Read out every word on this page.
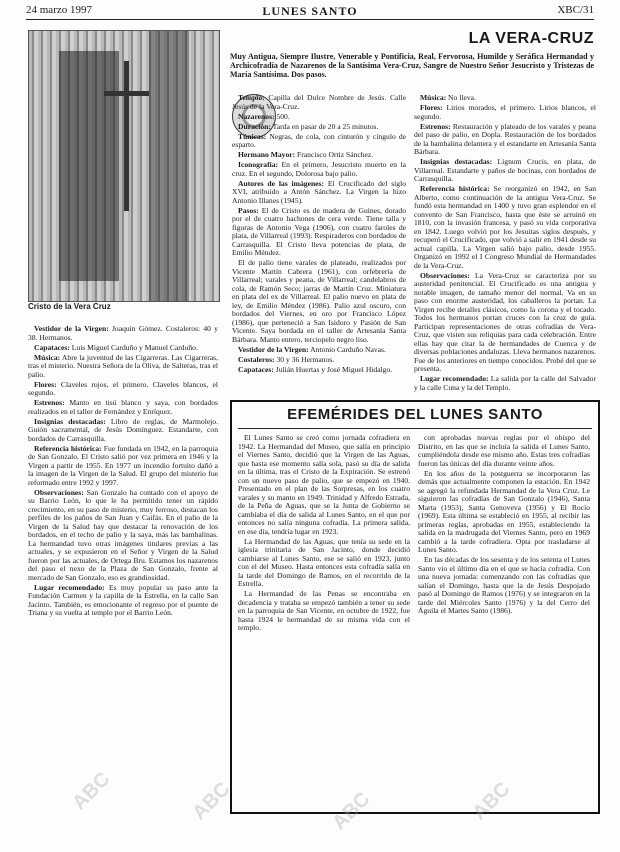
24 marzo 1997	LUNES SANTO	XBC/31
Cristo de la Vera Cruz
LA VERA-CRUZ
Muy Antigua, Siempre Ilustre, Venerable y Pontificia, Real, Fervorosa, Humilde y Seráfica Hermandad y Archicofradía de Nazarenos de la Santísima Vera-Cruz, Sangre de Nuestro Señor Jesucristo y Tristezas de María Santísima. Dos pasos.

Vestidor de la Virgen: Joaquín Gómez. Costaleros: 40 y 38. Hermanos.

Capataces: Luis Miguel Carduño y Manuel Carduño.

Música: Abre la juventud de las Cigarreras. Las Cigarreras, tras el misterio. Nuestra Señora de la Oliva, de Salteras, tras el palio.

Flores: Claveles rojos, el primero. Claveles blancos, el segundo.

Estrenos: Manto en tisú blanco y saya, con bordados realizados en el taller de Fernández y Enríquez.

Insignias destacadas: Libro de reglas, de Marmolejo. Guión sacramental, de Jesús Domínguez. Estandarte, con bordados de Carrasquilla.

Referencia histórica: Fue fundada en 1942, en la parroquia de San Gonzalo. El Cristo salió por vez primera en 1946 y la Virgen a partir de 1955. En 1977 un incendio fortuito dañó a la imagen de la Virgen de la Salud. El grupo del misterio fue reformado entre 1992 y 1997.

Observaciones: San Gonzalo ha contado con el apoyo de su Barrio León, lo que le ha permitido tener un rápido crecimiento, en su paso de misterio, muy ferroso, destacan los perfiles de los paños de San Juan y Caifás. En el palio de la Virgen de la Salud hay que destacar la renovación de los bordados, en el techo de palio y la saya, más las bambalinas. La hermandad tuvo otras imágenes titulares previas a las actuales, y se expusieron en el Señor y Virgen de la Salud fueron por las actuales, de Ortega Bru. Estamos los nazarenos del paso el nexo de la Plaza de San Gonzalo, frente al mercado de San Gonzalo, eso es grandiosidad.

Lugar recomendado: Es muy popular su paso ante la Fundación Carmen y la capilla de la Estrella, en la calle San Jacinto. También, es emocionante el regreso por el puente de Triana y su vuelta al templo por el Barrio León.

Templo: Capilla del Dulce Nombre de Jesús. Calle Jesús de la Vera-Cruz.

Nazarenos: 500.

Duración: Tarda en pasar de 20 a 25 minutos.

Túnicas: Negras, de cola, con cinturón y cíngulo de esparto.

Hermano Mayor: Francisco Ortiz Sánchez.

Iconografía: En el primero, Jesucristo muerto en la cruz. En el segundo, Dolorosa bajo palio.

Autores de las imágenes: El Crucificado del siglo XVI, atribuido a Antón Sánchez. La Virgen la hizo Antonio Illanes (1945).

Pasos: El de Cristo es de madera de Guines, dorado por el de cuatro hachones de cera verde. Tiene talla y figuras de Antonio Vega (1906), con cuatro faroles de plata, de Villarreal (1993). Respiraderos con bordados de Carrasquilla. El Cristo lleva potencias de plata, de Emilio Méndez.

El de palio tiene varales de plateado, realizados por Vicente Martín Cabrera (1961), con orfebrería de Villarreal; varales y peana, de Villarreal; candelabros de cola, de Ramón Seco; jarras de Martín Cruz. Miniatura en plata del ex de Villarreal. El palio nuevo en plata de ley, de Emilio Méndez (1986). Palio azul oscuro, con bordados del Viernes, en oro por Francisco López (1986), que perteneció a San Isidoro y Pasión de San Vicente. Saya bordada en el taller de Artesanía Santa Bárbara. Manto entero, terciopelo negro liso.

Vestidor de la Virgen: Antonio Carduño Navas.

Costaleros: 30 y 36 Hermanos.

Capataces: Julián Huertas y José Miguel Hidalgo.

Música: No lleva.

Flores: Lirios morados, el primero. Lirios blancos, el segundo.

Estrenos: Restauración y plateado de los varales y peana del paso de palio, en Dopla. Restauración de los bordados de la bambalina delantera y el estandarte en Artesanía Santa Bárbara.

Insignias destacadas: Lignum Crucis, en plata, de Villarreal. Estandarte y paños de bocinas, con bordados de Carrasquilla.

Referencia histórica: Se reorganizó en 1942, en San Alberto, como continuación de la antigua Vera-Cruz. Se fundó esta hermandad en 1400 y tuvo gran esplendor en el convento de San Francisco, hasta que éste se arruinó en 1810, con la invasión francesa, y pasó su vida corporativa en 1842. Luego volvió por los Jesuitas siglos después, y recuperó el Crucificado, que volvió a salir en 1941 desde su actual capilla. La Virgen salió bajo palio, desde 1955. Organizó en 1992 el I Congreso Mundial de Hermandades de la Vera-Cruz.

Observaciones: La Vera-Cruz se caracteriza por su austeridad penitencial. El Crucificado es una antigua y notable imagen, de tamaño menor del normal. Va en su paso con enorme austeridad, los caballeros la portan. La Virgen recibe detalles clásicos, como la corona y el tocado. Todos los hermanos portan cruces con la cruz de guía. Participan representaciones de otras cofradías de Vera-Cruz, que visten sus reliquias para cada celebración. Entre ellas hay que citar la de hermandades de Cuenca y de diversas poblaciones andaluzas. Lleva hermanos nazarenos. Fue de los anteriores en tiempo conocidos. Probé del que se presenta.

Lugar recomendado: La salida por la calle del Salvador y la calle Cuna y la del Templo.

EFEMÉRIDES DEL LUNES SANTO

El Lunes Santo se creó como jornada cofradiera en 1942. La Hermandad del Museo, que salía en principio el Viernes Santo, decidió que la Virgen de las Aguas, que hasta ese momento salía sola, pasó su día de salida en la última, tras el Cristo de la Expiración. Se estrenó con un nuevo paso de palio, que se empezó en 1940. Presentado en el plan de las Sorpresas, en los cuatro varales y su manto en 1949. Trinidad y Alfredo Estrada, de la Peña de Aguas, que se la Junta de Gobierno se cambiaba el día de salida al Lunes Santo, en el que por entonces no salía ninguna cofradía. La primera salida, en ese día, tendría lugar en 1923.

La Hermandad de las Aguas, que tenía su sede en la iglesia trinitaria de San Jacinto, donde decidió cambiarse al Lunes Santo, ese se salió en 1923, junto con el del Museo. Hasta entonces esta cofradía salía en la tarde del Domingo de Ramos, en el recorrido de la Estrella.

La Hermandad de las Penas se encontraba en decadencia y trataba se empezó también a tener su sede en la parroquia de San Vicente, en octubre de 1922, fue hasta 1924 le hermandad de su misma vida con el templo.

con aprobadas nuevas reglas por el obispo del Distrito, en las que se incluía la salida el Lunes Santo, cumpliéndola desde ese mismo año. Estas tres cofradías fueron las únicas del día durante veinte años.

En los años de la postguerra se incorporaron las demás que actualmente componen la estación. En 1942 se agregó la refundada Hermandad de la Vera Cruz. Le siguieron las cofradías de San Gonzalo (1946), Santa Marta (1953), Santa Genoveva (1956) y El Rocío (1969). Esta última se estableció en 1955, al recibir las primeras reglas, aprobadas en 1955, estableciendo la salida en la madrugada del Viernes Santo, pero en 1969 cambió a la tarde cofradiera. Opta por trasladarse al Lunes Santo.

En las décadas de los sesenta y de los setenta el Lunes Santo vio el último día en el que se hacía cofradía. Con una nueva jornada: comenzando con las cofradías que salían el Domingo, hasta que la de Jesús Despojado pasó al Domingo de Ramos (1976) y se integraron en la tarde del Miércoles Santo (1976) y la del Cerro del Águila el Martes Santo (1986).

ABC	ABC	ABC	ABC
